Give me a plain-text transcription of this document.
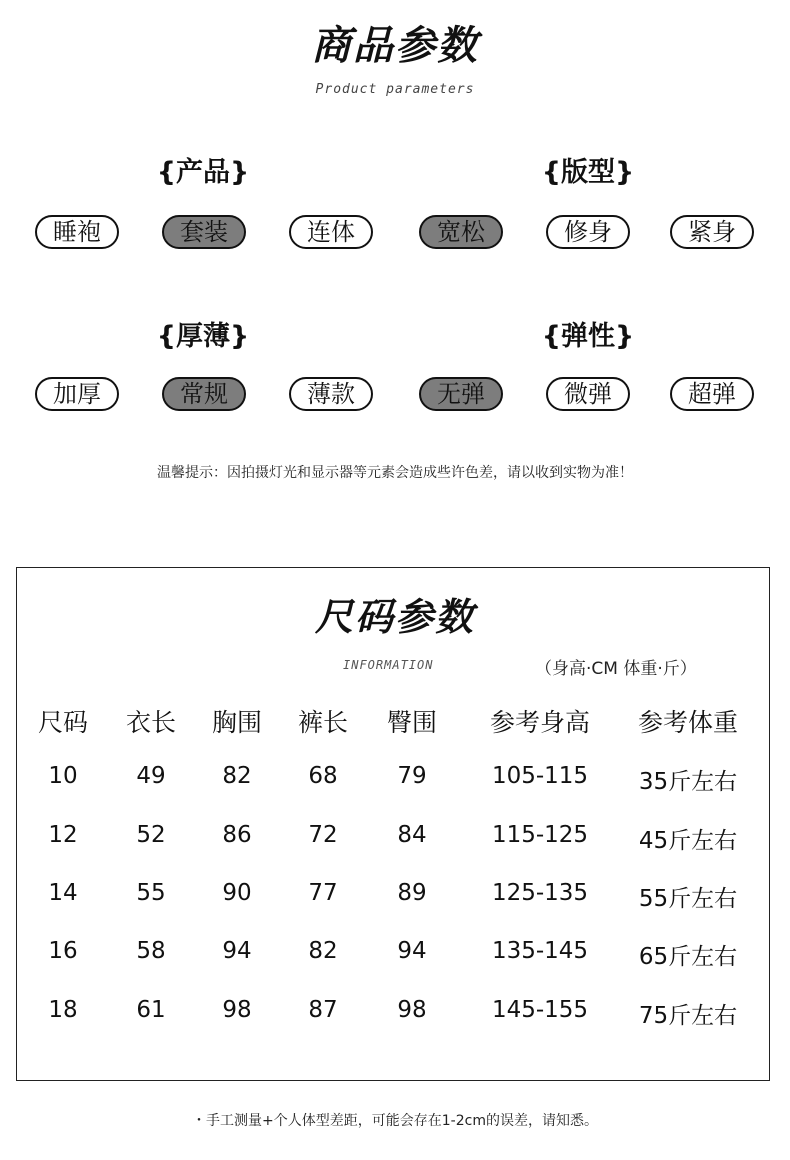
商品参数
Product parameters
{产品}	{版型}
{厚薄}	{弹性}
睡袍	套装	连体	宽松	修身	紧身
加厚	常规	薄款	无弹	微弹	超弹
温馨提示：因拍摄灯光和显示器等元素会造成些许色差，请以收到实物为准！
尺码参数
INFORMATION	（身高·CM 体重·斤）
尺码 衣长 胸围 裤长 臀围 参考身高 参考体重
10	49 82 68	79	105-115 35斤左右
12	52 86 72	84	115-125 45斤左右
14	55 90 77	89	125-135 55斤左右
16	58 94 82	94	135-145 65斤左右
18	61 98 87	98	145-155 75斤左右
・手工测量+个人体型差距，可能会存在1-2cm的误差，请知悉。
